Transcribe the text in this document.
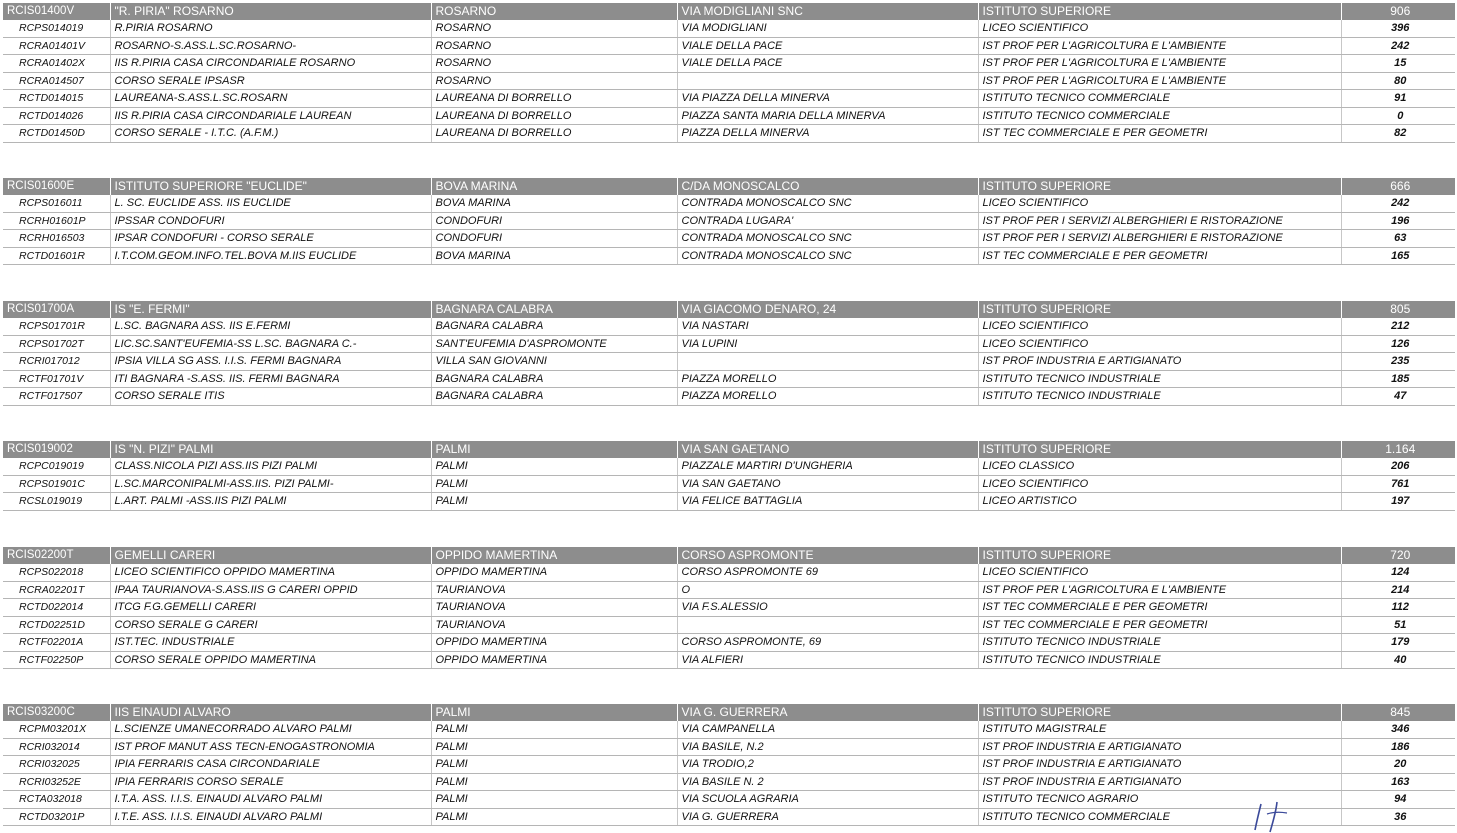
RCIS01400V	"R. PIRIA" ROSARNO	ROSARNO	VIA MODIGLIANI SNC	ISTITUTO SUPERIORE	906
RCPS014019	R.PIRIA ROSARNO	ROSARNO	VIA MODIGLIANI	LICEO SCIENTIFICO	396
RCRA01401V	ROSARNO-S.ASS.L.SC.ROSARNO-	ROSARNO	VIALE DELLA PACE	IST PROF PER L'AGRICOLTURA E L'AMBIENTE	242
RCRA01402X	IIS R.PIRIA CASA CIRCONDARIALE ROSARNO	ROSARNO	VIALE DELLA PACE	IST PROF PER L'AGRICOLTURA E L'AMBIENTE	15
RCRA014507	CORSO SERALE IPSASR	ROSARNO		IST PROF PER L'AGRICOLTURA E L'AMBIENTE	80
RCTD014015	LAUREANA-S.ASS.L.SC.ROSARN	LAUREANA DI BORRELLO	VIA PIAZZA DELLA MINERVA	ISTITUTO TECNICO COMMERCIALE	91
RCTD014026	IIS R.PIRIA CASA CIRCONDARIALE LAUREAN	LAUREANA DI BORRELLO	PIAZZA SANTA MARIA DELLA MINERVA	ISTITUTO TECNICO COMMERCIALE	0
RCTD01450D	CORSO SERALE - I.T.C. (A.F.M.)	LAUREANA DI BORRELLO	PIAZZA DELLA MINERVA	IST TEC COMMERCIALE E PER GEOMETRI	82
RCIS01600E	ISTITUTO SUPERIORE "EUCLIDE"	BOVA MARINA	C/DA MONOSCALCO	ISTITUTO SUPERIORE	666
RCPS016011	L. SC. EUCLIDE ASS. IIS EUCLIDE	BOVA MARINA	CONTRADA MONOSCALCO SNC	LICEO SCIENTIFICO	242
RCRH01601P	IPSSAR CONDOFURI	CONDOFURI	CONTRADA LUGARA'	IST PROF PER I SERVIZI ALBERGHIERI E RISTORAZIONE	196
RCRH016503	IPSAR CONDOFURI - CORSO SERALE	CONDOFURI	CONTRADA MONOSCALCO SNC	IST PROF PER I SERVIZI ALBERGHIERI E RISTORAZIONE	63
RCTD01601R	I.T.COM.GEOM.INFO.TEL.BOVA M.IIS EUCLIDE	BOVA MARINA	CONTRADA MONOSCALCO SNC	IST TEC COMMERCIALE E PER GEOMETRI	165
RCIS01700A	IS "E. FERMI"	BAGNARA CALABRA	VIA GIACOMO DENARO, 24	ISTITUTO SUPERIORE	805
RCPS01701R	L.SC. BAGNARA ASS. IIS E.FERMI	BAGNARA CALABRA	VIA NASTARI	LICEO SCIENTIFICO	212
RCPS01702T	LIC.SC.SANT'EUFEMIA-SS L.SC. BAGNARA C.-	SANT'EUFEMIA D'ASPROMONTE	VIA LUPINI	LICEO SCIENTIFICO	126
RCRI017012	IPSIA VILLA SG ASS. I.I.S. FERMI BAGNARA	VILLA SAN GIOVANNI		IST PROF INDUSTRIA E ARTIGIANATO	235
RCTF01701V	ITI BAGNARA -S.ASS. IIS. FERMI BAGNARA	BAGNARA CALABRA	PIAZZA MORELLO	ISTITUTO TECNICO INDUSTRIALE	185
RCTF017507	CORSO SERALE ITIS	BAGNARA CALABRA	PIAZZA MORELLO	ISTITUTO TECNICO INDUSTRIALE	47
RCIS019002	IS "N. PIZI" PALMI	PALMI	VIA SAN GAETANO	ISTITUTO SUPERIORE	1.164
RCPC019019	CLASS.NICOLA PIZI ASS.IIS PIZI PALMI	PALMI	PIAZZALE MARTIRI D'UNGHERIA	LICEO CLASSICO	206
RCPS01901C	L.SC.MARCONIPALMI-ASS.IIS. PIZI PALMI-	PALMI	VIA SAN GAETANO	LICEO SCIENTIFICO	761
RCSL019019	L.ART. PALMI -ASS.IIS PIZI PALMI	PALMI	VIA FELICE BATTAGLIA	LICEO ARTISTICO	197
RCIS02200T	GEMELLI CARERI	OPPIDO MAMERTINA	CORSO ASPROMONTE	ISTITUTO SUPERIORE	720
RCPS022018	LICEO SCIENTIFICO OPPIDO MAMERTINA	OPPIDO MAMERTINA	CORSO ASPROMONTE 69	LICEO SCIENTIFICO	124
RCRA02201T	IPAA TAURIANOVA-S.ASS.IIS G CARERI OPPID	TAURIANOVA	O	IST PROF PER L'AGRICOLTURA E L'AMBIENTE	214
RCTD022014	ITCG F.G.GEMELLI CARERI	TAURIANOVA	VIA F.S.ALESSIO	IST TEC COMMERCIALE E PER GEOMETRI	112
RCTD02251D	CORSO SERALE G CARERI	TAURIANOVA		IST TEC COMMERCIALE E PER GEOMETRI	51
RCTF02201A	IST.TEC. INDUSTRIALE	OPPIDO MAMERTINA	CORSO ASPROMONTE, 69	ISTITUTO TECNICO INDUSTRIALE	179
RCTF02250P	CORSO SERALE OPPIDO MAMERTINA	OPPIDO MAMERTINA	VIA ALFIERI	ISTITUTO TECNICO INDUSTRIALE	40
RCIS03200C	IIS EINAUDI ALVARO	PALMI	VIA G. GUERRERA	ISTITUTO SUPERIORE	845
RCPM03201X	L.SCIENZE UMANECORRADO ALVARO PALMI	PALMI	VIA CAMPANELLA	ISTITUTO MAGISTRALE	346
RCRI032014	IST PROF MANUT ASS TECN-ENOGASTRONOMIA	PALMI	VIA BASILE, N.2	IST PROF INDUSTRIA E ARTIGIANATO	186
RCRI032025	IPIA FERRARIS CASA CIRCONDARIALE	PALMI	VIA TRODIO,2	IST PROF INDUSTRIA E ARTIGIANATO	20
RCRI03252E	IPIA FERRARIS CORSO SERALE	PALMI	VIA BASILE N. 2	IST PROF INDUSTRIA E ARTIGIANATO	163
RCTA032018	I.T.A. ASS. I.I.S. EINAUDI ALVARO PALMI	PALMI	VIA SCUOLA AGRARIA	ISTITUTO TECNICO AGRARIO	94
RCTD03201P	I.T.E. ASS. I.I.S. EINAUDI ALVARO PALMI	PALMI	VIA G. GUERRERA	ISTITUTO TECNICO COMMERCIALE	36
